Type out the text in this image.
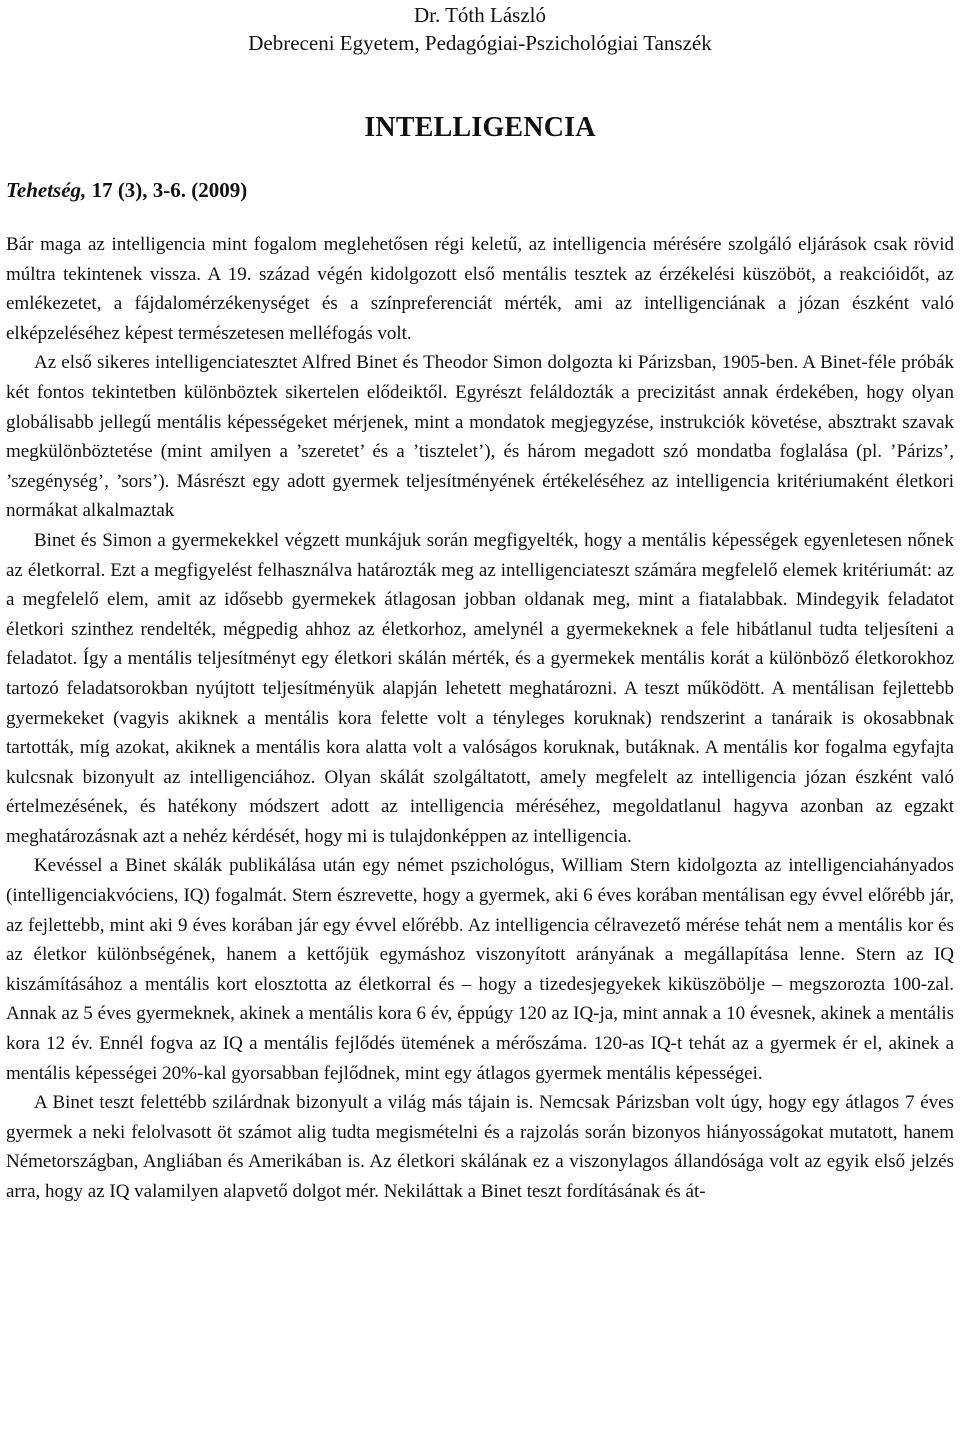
Dr. Tóth László
Debreceni Egyetem, Pedagógiai-Pszichológiai Tanszék
INTELLIGENCIA
Tehetség, 17 (3), 3-6. (2009)

Bár maga az intelligencia mint fogalom meglehetősen régi keletű, az intelligencia mérésére szolgáló eljárások csak rövid múltra tekintenek vissza. A 19. század végén kidolgozott első mentális tesztek az érzékelési küszöböt, a reakcióidőt, az emlékezetet, a fájdalomérzékenységet és a színpreferenciát mérték, ami az intelligenciának a józan észként való elképzeléséhez képest természetesen melléfogás volt.

Az első sikeres intelligenciatesztet Alfred Binet és Theodor Simon dolgozta ki Párizsban, 1905-ben. A Binet-féle próbák két fontos tekintetben különböztek sikertelen elődeiktől. Egyrészt feláldozták a precizitást annak érdekében, hogy olyan globálisabb jellegű mentális képességeket mérjenek, mint a mondatok megjegyzése, instrukciók követése, absztrakt szavak megkülönböztetése (mint amilyen a ’szeretet’ és a ’tisztelet’), és három megadott szó mondatba foglalása (pl. ’Párizs’, ’szegénység’, ’sors’). Másrészt egy adott gyermek teljesítményének értékeléséhez az intelligencia kritériumaként életkori normákat alkalmaztak

Binet és Simon a gyermekekkel végzett munkájuk során megfigyelték, hogy a mentális képességek egyenletesen nőnek az életkorral. Ezt a megfigyelést felhasználva határozták meg az intelligenciateszt számára megfelelő elemek kritériumát: az a megfelelő elem, amit az idősebb gyermekek átlagosan jobban oldanak meg, mint a fiatalabbak. Mindegyik feladatot életkori szinthez rendelték, mégpedig ahhoz az életkorhoz, amelynél a gyermekeknek a fele hibátlanul tudta teljesíteni a feladatot. Így a mentális teljesítményt egy életkori skálán mérték, és a gyermekek mentális korát a különböző életkorokhoz tartozó feladatsorokban nyújtott teljesítményük alapján lehetett meghatározni. A teszt működött. A mentálisan fejlettebb gyermekeket (vagyis akiknek a mentális kora felette volt a tényleges koruknak) rendszerint a tanáraik is okosabbnak tartották, míg azokat, akiknek a mentális kora alatta volt a valóságos koruknak, butáknak. A mentális kor fogalma egyfajta kulcsnak bizonyult az intelligenciához. Olyan skálát szolgáltatott, amely megfelelt az intelligencia józan észként való értelmezésének, és hatékony módszert adott az intelligencia méréséhez, megoldatlanul hagyva azonban az egzakt meghatározásnak azt a nehéz kérdését, hogy mi is tulajdonképpen az intelligencia.

Kevéssel a Binet skálák publikálása után egy német pszichológus, William Stern kidolgozta az intelligenciahányados (intelligenciakvóciens, IQ) fogalmát. Stern észrevette, hogy a gyermek, aki 6 éves korában mentálisan egy évvel előrébb jár, az fejlettebb, mint aki 9 éves korában jár egy évvel előrébb. Az intelligencia célravezető mérése tehát nem a mentális kor és az életkor különbségének, hanem a kettőjük egymáshoz viszonyított arányának a megállapítása lenne. Stern az IQ kiszámításához a mentális kort elosztotta az életkorral és – hogy a tizedesjegyekek kiküszöbölje – megszorozta 100-zal. Annak az 5 éves gyermeknek, akinek a mentális kora 6 év, éppúgy 120 az IQ-ja, mint annak a 10 évesnek, akinek a mentális kora 12 év. Ennél fogva az IQ a mentális fejlődés ütemének a mérőszáma. 120-as IQ-t tehát az a gyermek ér el, akinek a mentális képességei 20%-kal gyorsabban fejlődnek, mint egy átlagos gyermek mentális képességei.

A Binet teszt felettébb szilárdnak bizonyult a világ más tájain is. Nemcsak Párizsban volt úgy, hogy egy átlagos 7 éves gyermek a neki felolvasott öt számot alig tudta megismételni és a rajzolás során bizonyos hiányosságokat mutatott, hanem Németországban, Angliában és Amerikában is. Az életkori skálának ez a viszonylagos állandósága volt az egyik első jelzés arra, hogy az IQ valamilyen alapvető dolgot mér. Nekiláttak a Binet teszt fordításának és át-
